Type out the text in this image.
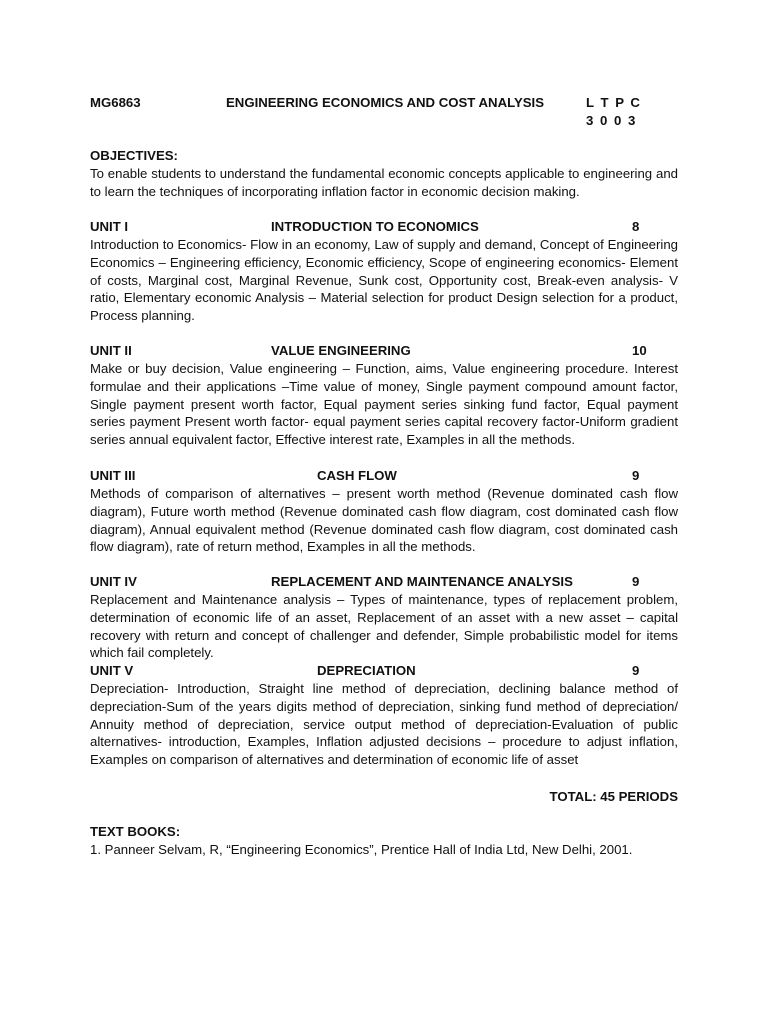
MG6863	ENGINEERING ECONOMICS AND COST ANALYSIS	L T P C
3 0 0 3
OBJECTIVES:
To enable students to understand the fundamental economic concepts applicable to engineering and to learn the techniques of incorporating inflation factor in economic decision making.
UNIT I	INTRODUCTION TO ECONOMICS	8
Introduction to Economics- Flow in an economy, Law of supply and demand, Concept of Engineering Economics – Engineering efficiency, Economic efficiency, Scope of engineering economics- Element of costs, Marginal cost, Marginal Revenue, Sunk cost, Opportunity cost, Break-even analysis- V ratio, Elementary economic Analysis – Material selection for product Design selection for a product, Process planning.
UNIT II	VALUE ENGINEERING	10
Make or buy decision, Value engineering – Function, aims, Value engineering procedure. Interest formulae and their applications –Time value of money, Single payment compound amount factor, Single payment present worth factor, Equal payment series sinking fund factor, Equal payment series payment Present worth factor- equal payment series capital recovery factor-Uniform gradient series annual equivalent factor, Effective interest rate, Examples in all the methods.
UNIT III	CASH FLOW	9
Methods of comparison of alternatives – present worth method (Revenue dominated cash flow diagram), Future worth method (Revenue dominated cash flow diagram, cost dominated cash flow diagram), Annual equivalent method (Revenue dominated cash flow diagram, cost dominated cash flow diagram), rate of return method, Examples in all the methods.
UNIT IV	REPLACEMENT AND MAINTENANCE ANALYSIS	9
Replacement and Maintenance analysis – Types of maintenance, types of replacement problem, determination of economic life of an asset, Replacement of an asset with a new asset – capital recovery with return and concept of challenger and defender, Simple probabilistic model for items which fail completely.
UNIT V	DEPRECIATION	9
Depreciation- Introduction, Straight line method of depreciation, declining balance method of depreciation-Sum of the years digits method of depreciation, sinking fund method of depreciation/ Annuity method of depreciation, service output method of depreciation-Evaluation of public alternatives- introduction, Examples, Inflation adjusted decisions – procedure to adjust inflation, Examples on comparison of alternatives and determination of economic life of asset
TOTAL: 45 PERIODS
TEXT BOOKS:
1. Panneer Selvam, R, “Engineering Economics”, Prentice Hall of India Ltd, New Delhi, 2001.
